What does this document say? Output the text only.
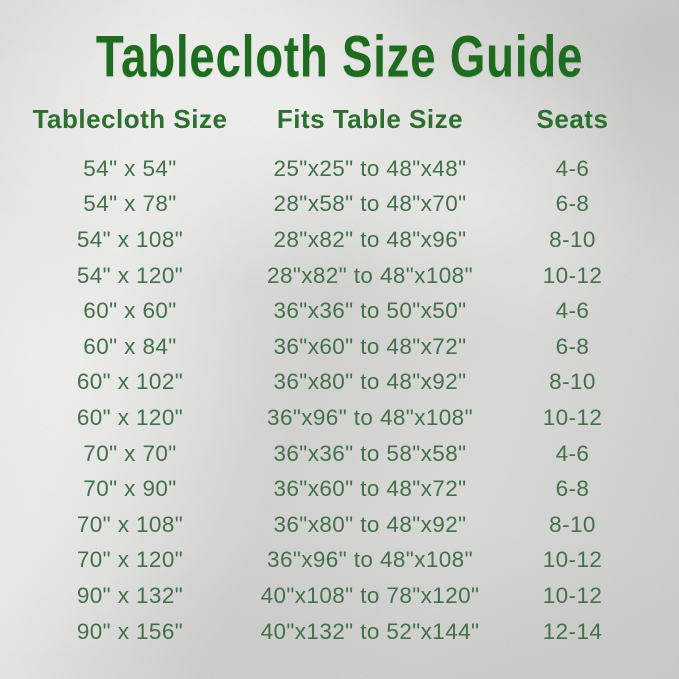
Tablecloth Size Guide
Tablecloth Size	Fits Table Size	Seats
54" x 54"	25"x25" to 48"x48"	4-6
54" x 78"	28"x58" to 48"x70"	6-8
54" x 108"	28"x82" to 48"x96"	8-10
54" x 120"	28"x82" to 48"x108"	10-12
60" x 60"	36"x36" to 50"x50"	4-6
60" x 84"	36"x60" to 48"x72"	6-8
60" x 102"	36"x80" to 48"x92"	8-10
60" x 120"	36"x96" to 48"x108"	10-12
70" x 70"	36"x36" to 58"x58"	4-6
70" x 90"	36"x60" to 48"x72"	6-8
70" x 108"	36"x80" to 48"x92"	8-10
70" x 120"	36"x96" to 48"x108"	10-12
90" x 132"	40"x108" to 78"x120"	10-12
90" x 156"	40"x132" to 52"x144"	12-14
